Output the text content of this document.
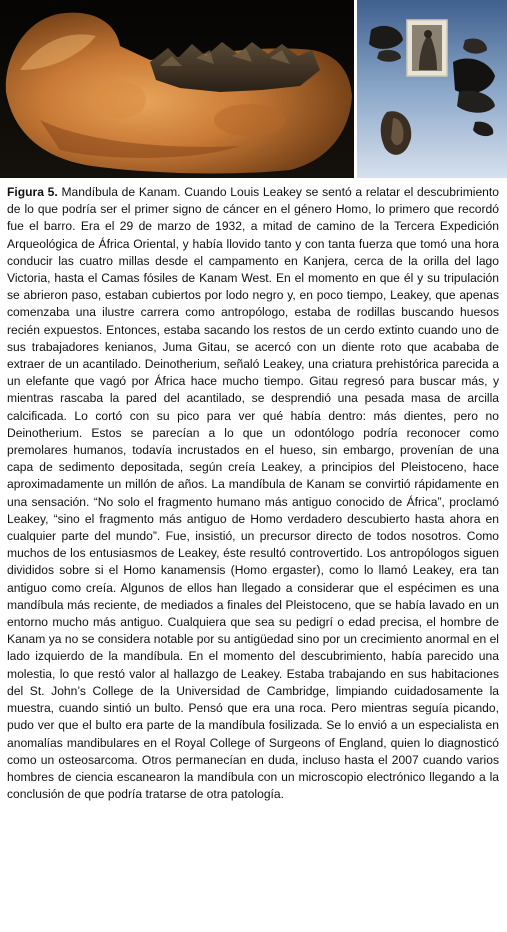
Figura 5. Mandíbula de Kanam. Cuando Louis Leakey se sentó a relatar el descubrimiento de lo que podría ser el primer signo de cáncer en el género Homo, lo primero que recordó fue el barro. Era el 29 de marzo de 1932, a mitad de camino de la Tercera Expedición Arqueológica de África Oriental, y había llovido tanto y con tanta fuerza que tomó una hora conducir las cuatro millas desde el campamento en Kanjera, cerca de la orilla del lago Victoria, hasta el Camas fósiles de Kanam West. En el momento en que él y su tripulación se abrieron paso, estaban cubiertos por lodo negro y, en poco tiempo, Leakey, que apenas comenzaba una ilustre carrera como antropólogo, estaba de rodillas buscando huesos recién expuestos. Entonces, estaba sacando los restos de un cerdo extinto cuando uno de sus trabajadores kenianos, Juma Gitau, se acercó con un diente roto que acababa de extraer de un acantilado. Deinotherium, señaló Leakey, una criatura prehistórica parecida a un elefante que vagó por África hace mucho tiempo. Gitau regresó para buscar más, y mientras rascaba la pared del acantilado, se desprendió una pesada masa de arcilla calcificada. Lo cortó con su pico para ver qué había dentro: más dientes, pero no Deinotherium. Estos se parecían a lo que un odontólogo podría reconocer como premolares humanos, todavía incrustados en el hueso, sin embargo, provenían de una capa de sedimento depositada, según creía Leakey, a principios del Pleistoceno, hace aproximadamente un millón de años. La mandíbula de Kanam se convirtió rápidamente en una sensación. “No solo el fragmento humano más antiguo conocido de África”, proclamó Leakey, “sino el fragmento más antiguo de Homo verdadero descubierto hasta ahora en cualquier parte del mundo”. Fue, insistió, un precursor directo de todos nosotros. Como muchos de los entusiasmos de Leakey, éste resultó controvertido. Los antropólogos siguen divididos sobre si el Homo kanamensis (Homo ergaster), como lo llamó Leakey, era tan antiguo como creía. Algunos de ellos han llegado a considerar que el espécimen es una mandíbula más reciente, de mediados a finales del Pleistoceno, que se había lavado en un entorno mucho más antiguo. Cualquiera que sea su pedigrí o edad precisa, el hombre de Kanam ya no se considera notable por su antigüedad sino por un crecimiento anormal en el lado izquierdo de la mandíbula. En el momento del descubrimiento, había parecido una molestia, lo que restó valor al hallazgo de Leakey. Estaba trabajando en sus habitaciones del St. John’s College de la Universidad de Cambridge, limpiando cuidadosamente la muestra, cuando sintió un bulto. Pensó que era una roca. Pero mientras seguía picando, pudo ver que el bulto era parte de la mandíbula fosilizada. Se lo envió a un especialista en anomalías mandibulares en el Royal College of Surgeons of England, quien lo diagnosticó como un osteosarcoma. Otros permanecían en duda, incluso hasta el 2007 cuando varios hombres de ciencia escanearon la mandíbula con un microscopio electrónico llegando a la conclusión de que podría tratarse de otra patología.
